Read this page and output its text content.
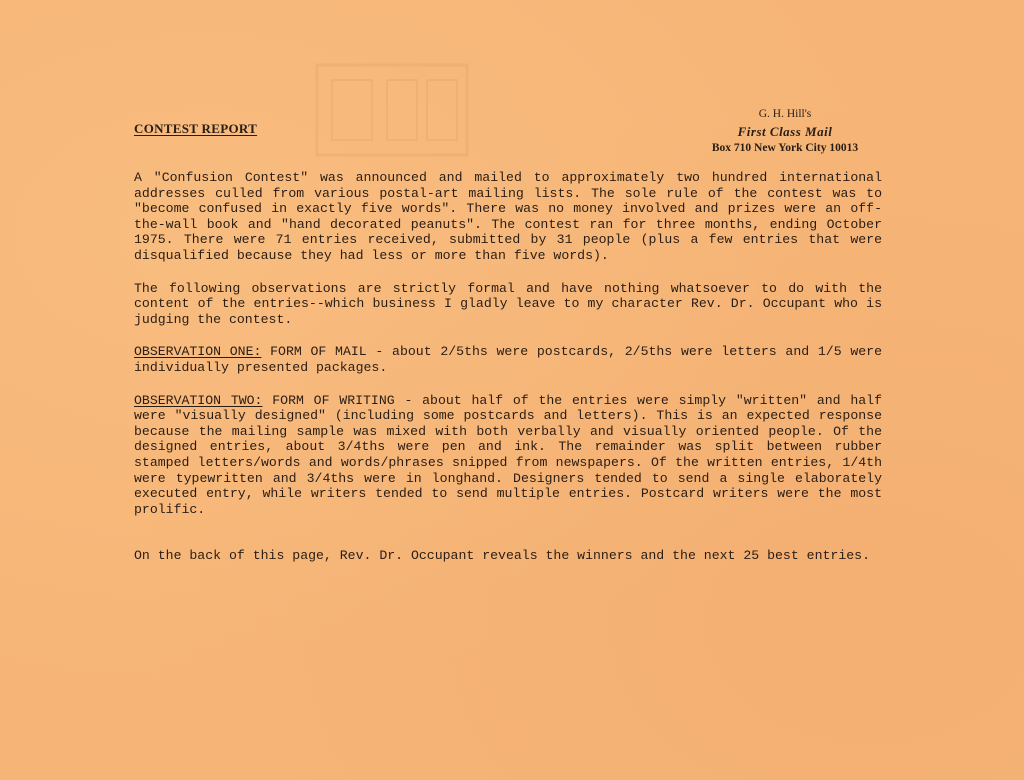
CONTEST REPORT
G. H. Hill's
First Class Mail
Box 710 New York City 10013

A "Confusion Contest" was announced and mailed to approximately two hundred international addresses culled from various postal-art mailing lists. The sole rule of the contest was to "become confused in exactly five words". There was no money involved and prizes were an off-the-wall book and "hand decorated peanuts". The contest ran for three months, ending October 1975. There were 71 entries received, submitted by 31 people (plus a few entries that were disqualified because they had less or more than five words).

The following observations are strictly formal and have nothing whatsoever to do with the content of the entries--which business I gladly leave to my character Rev. Dr. Occupant who is judging the contest.

OBSERVATION ONE: FORM OF MAIL - about 2/5ths were postcards, 2/5ths were letters and 1/5 were individually presented packages.

OBSERVATION TWO: FORM OF WRITING - about half of the entries were simply "written" and half were "visually designed" (including some postcards and letters). This is an expected response because the mailing sample was mixed with both verbally and visually oriented people. Of the designed entries, about 3/4ths were pen and ink. The remainder was split between rubber stamped letters/words and words/phrases snipped from newspapers. Of the written entries, 1/4th were typewritten and 3/4ths were in longhand. Designers tended to send a single elaborately executed entry, while writers tended to send multiple entries. Postcard writers were the most prolific.

On the back of this page, Rev. Dr. Occupant reveals the winners and the next 25 best entries.
